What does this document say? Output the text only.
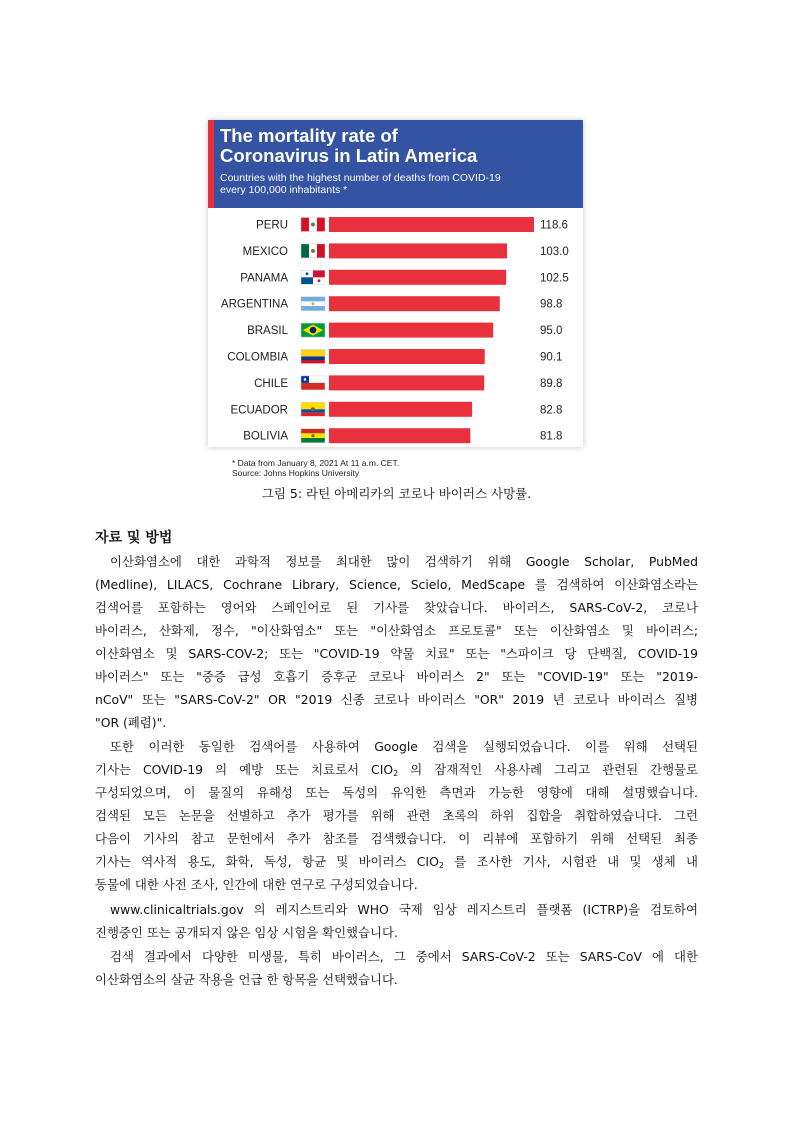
The mortality rate of
Coronavirus in Latin America
Countries with the highest number of deaths from COVID-19
every 100,000 inhabitants *
PERU	118.6
MEXICO	103.0
PANAMA	102.5
ARGENTINA	98.8
BRASIL	95.0
COLOMBIA	90.1
CHILE	89.8
ECUADOR	82.8
BOLIVIA	81.8
* Data from January 8, 2021 At 11 a.m. CET.
Source: Johns Hopkins University
그림 5: 라틴 아메리카의 코로나 바이러스 사망률.
자료 및 방법
이산화염소에 대한 과학적 정보를 최대한 많이 검색하기 위해 Google Scholar, PubMed
(Medline), LILACS, Cochrane Library, Science, Scielo, MedScape 를 검색하여 이산화염소라는
검색어를 포함하는 영어와 스페인어로 된 기사를 찾았습니다. 바이러스, SARS-CoV-2, 코로나
바이러스, 산화제, 정수, "이산화염소" 또는 "이산화염소 프로토콜" 또는 이산화염소 및 바이러스;
이산화염소 및 SARS-COV-2; 또는 "COVID-19 약물 치료" 또는 "스파이크 당 단백질, COVID-19
바이러스" 또는 "중증 급성 호흡기 증후군 코로나 바이러스 2" 또는 "COVID-19" 또는 "2019-
nCoV" 또는 "SARS-CoV-2" OR "2019 신종 코로나 바이러스 "OR" 2019 년 코로나 바이러스 질병
"OR (폐렴)".
또한 이러한 동일한 검색어를 사용하여 Google 검색을 실행되었습니다. 이를 위해 선택된
기사는 COVID-19 의 예방 또는 치료로서 $CIO_2$ 의 잠재적인 사용사례 그리고 관련된 간행물로
구성되었으며, 이 물질의 유해성 또는 독성의 유익한 측면과 가능한 영향에 대해 설명했습니다.
검색된 모든 논문을 선별하고 추가 평가를 위해 관련 초록의 하위 집합을 취합하였습니다. 그런
다음이 기사의 참고 문헌에서 추가 참조를 검색했습니다. 이 리뷰에 포함하기 위해 선택된 최종
기사는 역사적 용도, 화학, 독성, 항균 및 바이러스 $CIO_2$ 를 조사한 기사, 시험관 내 및 생체 내
동물에 대한 사전 조사, 인간에 대한 연구로 구성되었습니다.
www.clinicaltrials.gov 의 레지스트리와 WHO 국제 임상 레지스트리 플랫폼 (ICTRP)을 검토하여
진행중인 또는 공개되지 않은 임상 시험을 확인했습니다.
검색 결과에서 다양한 미생물, 특히 바이러스, 그 중에서 SARS-CoV-2 또는 SARS-CoV 에 대한
이산화염소의 살균 작용을 언급 한 항목을 선택했습니다.
